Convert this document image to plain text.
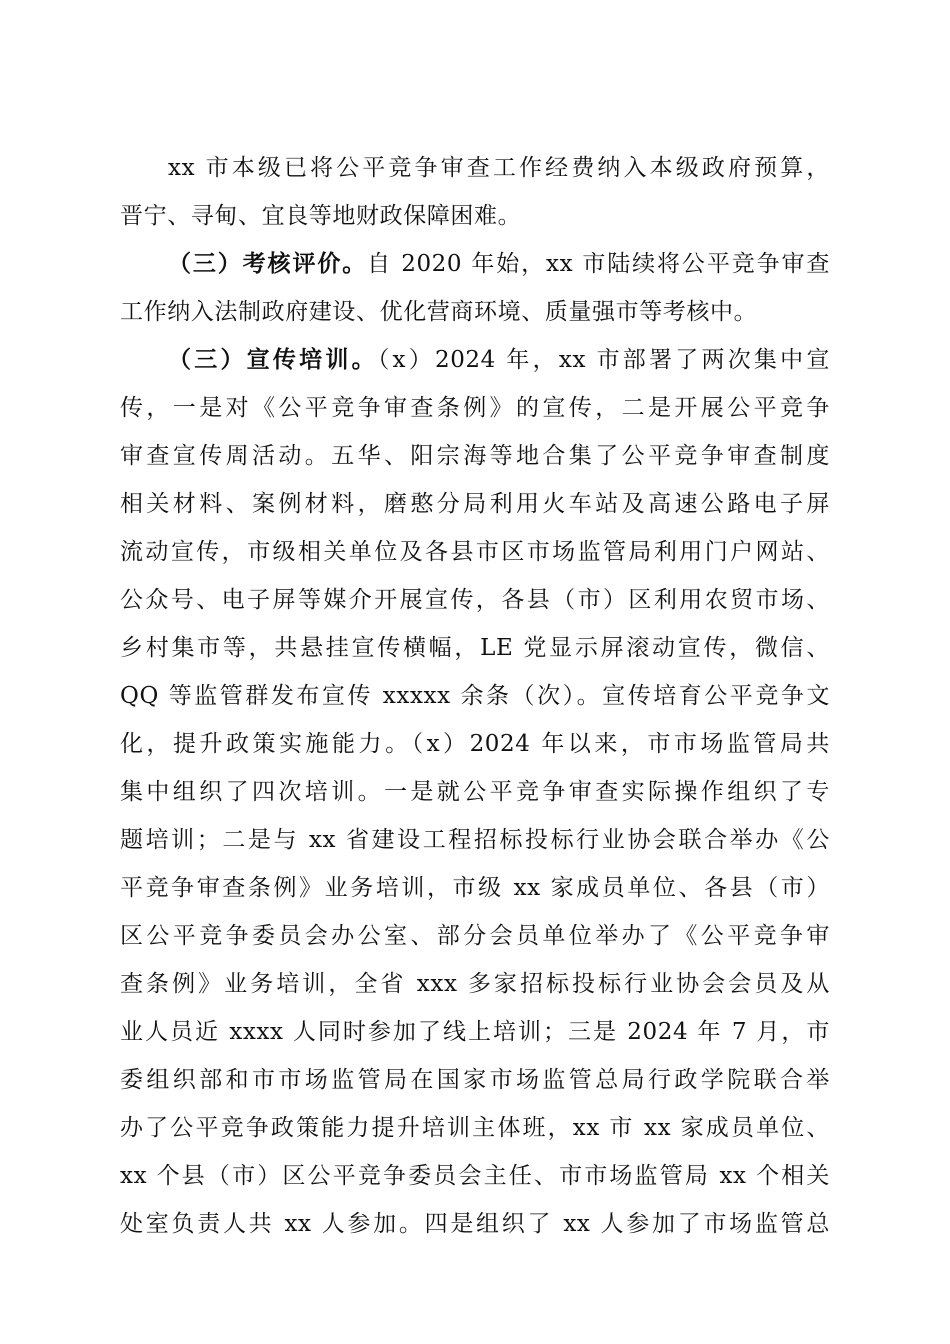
xx 市本级已将公平竞争审查工作经费纳入本级政府预算，
晋宁、寻甸、宜良等地财政保障困难。
（三）考核评价。自 2020 年始，xx 市陆续将公平竞争审查
工作纳入法制政府建设、优化营商环境、质量强市等考核中。
（三）宣传培训。（x）2024 年，xx 市部署了两次集中宣
传，一是对《公平竞争审查条例》的宣传，二是开展公平竞争
审查宣传周活动。五华、阳宗海等地合集了公平竞争审查制度
相关材料、案例材料，磨憨分局利用火车站及高速公路电子屏
流动宣传，市级相关单位及各县市区市场监管局利用门户网站、
公众号、电子屏等媒介开展宣传，各县（市）区利用农贸市场、
乡村集市等，共悬挂宣传横幅，LE 党显示屏滚动宣传，微信、
QQ 等监管群发布宣传 xxxxx 余条（次）。宣传培育公平竞争文
化，提升政策实施能力。（x）2024 年以来，市市场监管局共
集中组织了四次培训。一是就公平竞争审查实际操作组织了专
题培训；二是与 xx 省建设工程招标投标行业协会联合举办《公
平竞争审查条例》业务培训，市级 xx 家成员单位、各县（市）
区公平竞争委员会办公室、部分会员单位举办了《公平竞争审
查条例》业务培训，全省 xxx 多家招标投标行业协会会员及从
业人员近 xxxx 人同时参加了线上培训；三是 2024 年 7 月，市
委组织部和市市场监管局在国家市场监管总局行政学院联合举
办了公平竞争政策能力提升培训主体班，xx 市 xx 家成员单位、
xx 个县（市）区公平竞争委员会主任、市市场监管局 xx 个相关
处室负责人共 xx 人参加。四是组织了 xx 人参加了市场监管总
